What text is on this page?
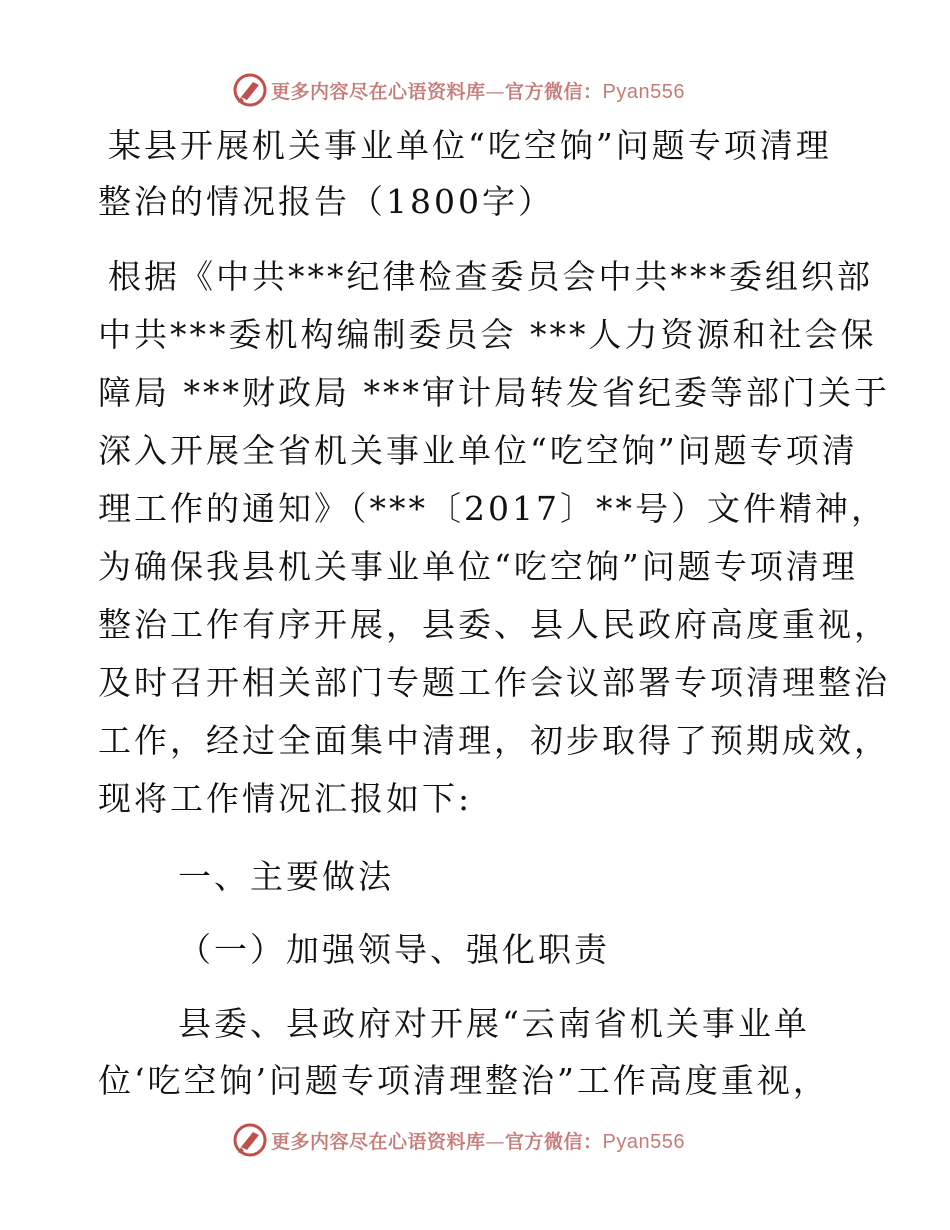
更多内容尽在心语资料库—官方微信：Pyan556
某县开展机关事业单位“吃空饷”问题专项清理
整治的情况报告（1800字）
根据《中共***纪律检查委员会中共***委组织部
中共***委机构编制委员会 ***人力资源和社会保
障局 ***财政局 ***审计局转发省纪委等部门关于
深入开展全省机关事业单位“吃空饷”问题专项清
理工作的通知》（***〔2017〕**号）文件精神，
为确保我县机关事业单位“吃空饷”问题专项清理
整治工作有序开展，县委、县人民政府高度重视，
及时召开相关部门专题工作会议部署专项清理整治
工作，经过全面集中清理，初步取得了预期成效，
现将工作情况汇报如下:
一、主要做法
（一）加强领导、强化职责
县委、县政府对开展“云南省机关事业单
位‘吃空饷’问题专项清理整治”工作高度重视，
更多内容尽在心语资料库—官方微信：Pyan556
